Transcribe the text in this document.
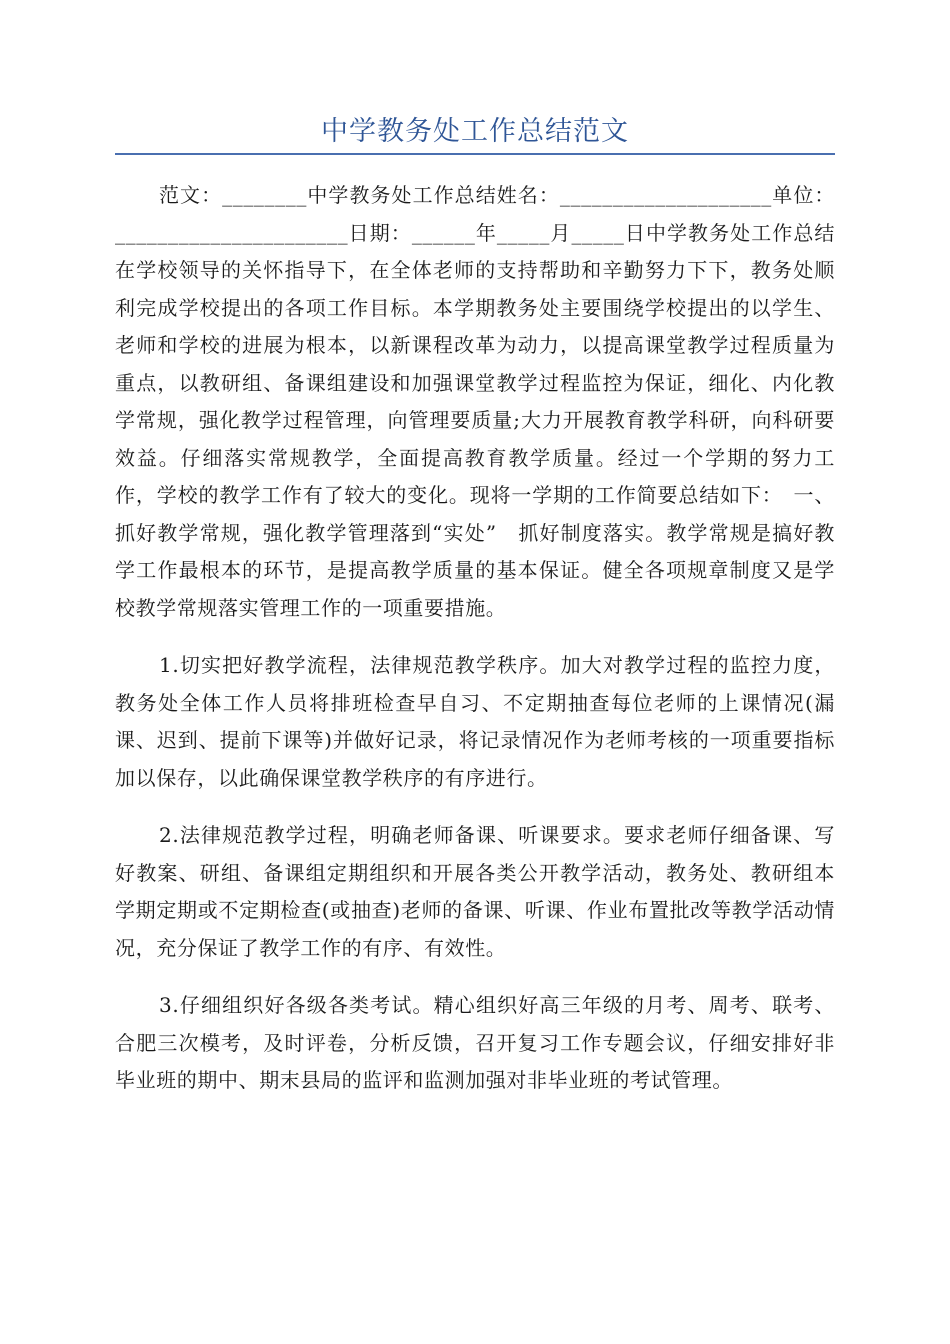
中学教务处工作总结范文

范文：________中学教务处工作总结姓名：____________________单位：______________________日期：______年_____月_____日中学教务处工作总结　在学校领导的关怀指导下，在全体老师的支持帮助和辛勤努力下下，教务处顺利完成学校提出的各项工作目标。本学期教务处主要围绕学校提出的以学生、老师和学校的进展为根本，以新课程改革为动力，以提高课堂教学过程质量为重点，以教研组、备课组建设和加强课堂教学过程监控为保证，细化、内化教学常规，强化教学过程管理，向管理要质量;大力开展教育教学科研，向科研要效益。仔细落实常规教学，全面提高教育教学质量。经过一个学期的努力工作，学校的教学工作有了较大的变化。现将一学期的工作简要总结如下：　一、抓好教学常规，强化教学管理落到“实处”　抓好制度落实。教学常规是搞好教学工作最根本的环节，是提高教学质量的基本保证。健全各项规章制度又是学校教学常规落实管理工作的一项重要措施。

1.切实把好教学流程，法律规范教学秩序。加大对教学过程的监控力度，教务处全体工作人员将排班检查早自习、不定期抽查每位老师的上课情况(漏课、迟到、提前下课等)并做好记录，将记录情况作为老师考核的一项重要指标加以保存，以此确保课堂教学秩序的有序进行。

2.法律规范教学过程，明确老师备课、听课要求。要求老师仔细备课、写好教案、研组、备课组定期组织和开展各类公开教学活动，教务处、教研组本学期定期或不定期检查(或抽查)老师的备课、听课、作业布置批改等教学活动情况，充分保证了教学工作的有序、有效性。

3.仔细组织好各级各类考试。精心组织好高三年级的月考、周考、联考、合肥三次模考，及时评卷，分析反馈，召开复习工作专题会议，仔细安排好非毕业班的期中、期末县局的监评和监测加强对非毕业班的考试管理。
